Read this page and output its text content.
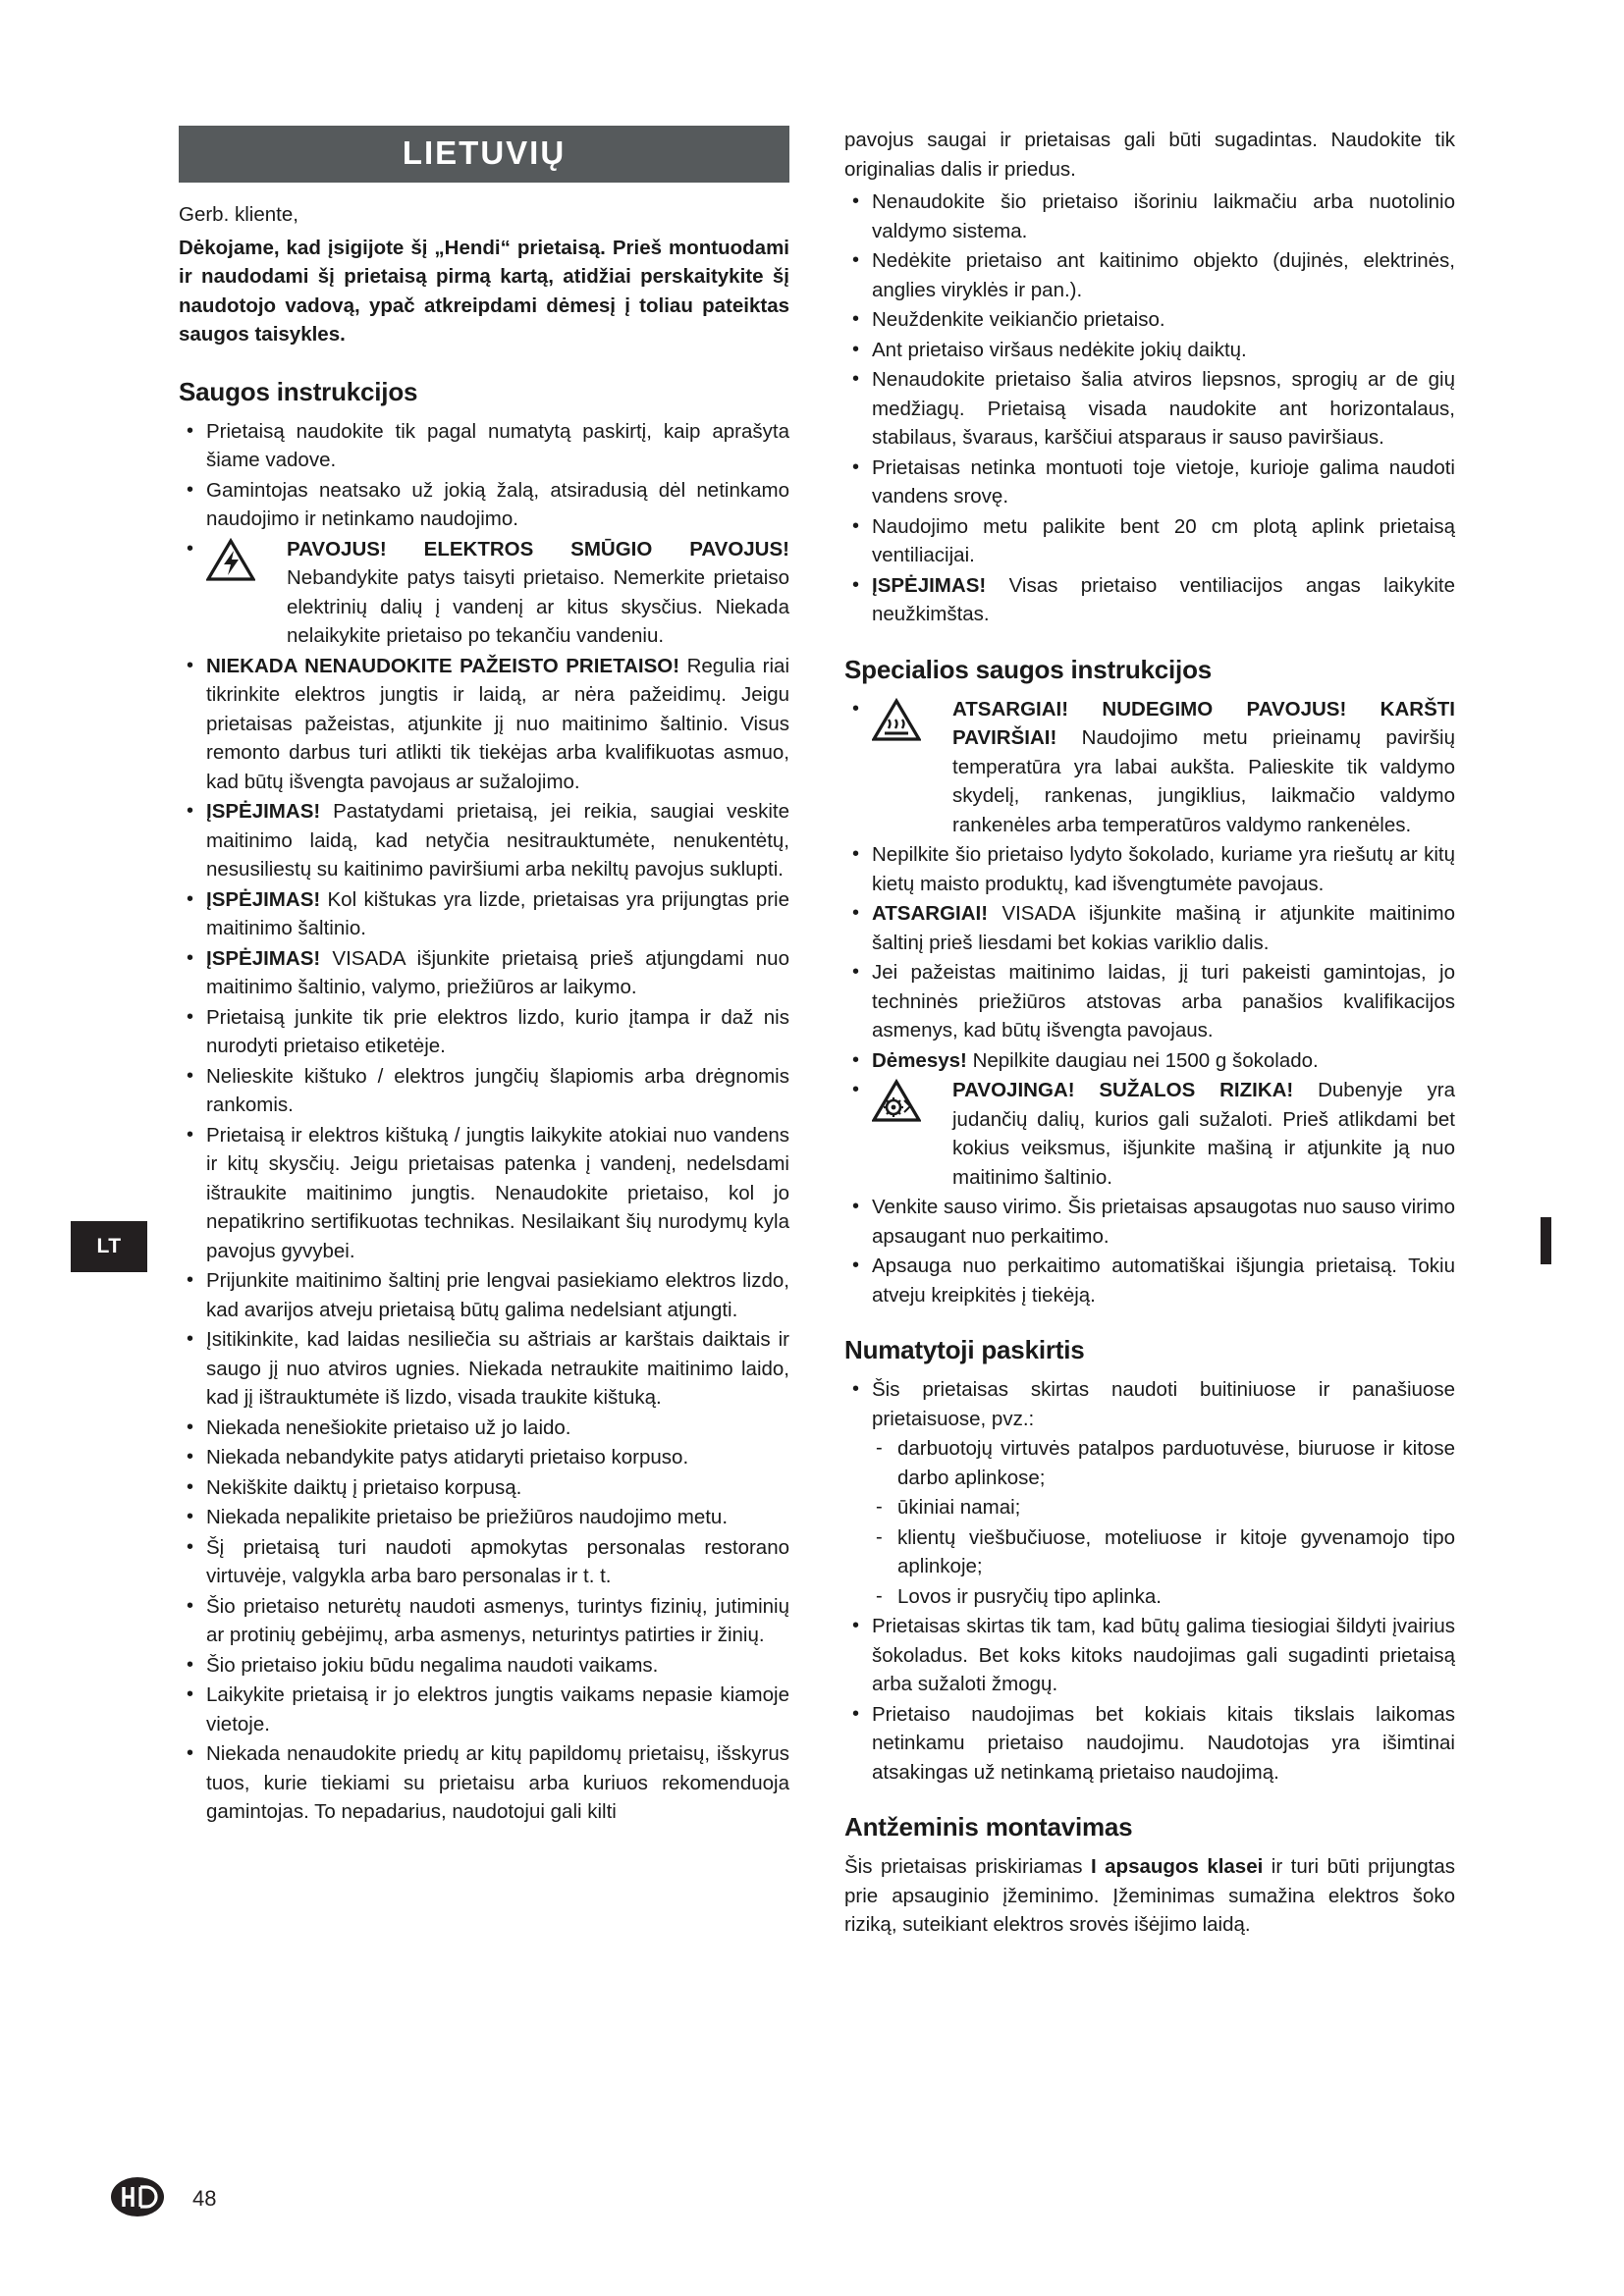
LT
LIETUVIŲ

Gerb. kliente,

Dėkojame, kad įsigijote šį „Hendi“ prietaisą. Prieš montuodami ir naudodami šį prietaisą pirmą kartą, atidžiai perskaitykite šį naudotojo vadovą, ypač atkreipdami dėmesį į toliau pateiktas saugos taisykles.

Saugos instrukcijos
• Prietaisą naudokite tik pagal numatytą paskirtį, kaip aprašyta šiame vadove.
• Gamintojas neatsako už jokią žalą, atsiradusią dėl netinkamo naudojimo ir netinkamo naudojimo.
•	PAVOJUS! ELEKTROS SMŪGIO PAVOJUS! Nebandykite patys taisyti prietaiso. Nemerkite prietaiso elektrinių dalių į vandenį ar kitus skysčius. Niekada nelaikykite prietaiso po tekančiu vandeniu.
• NIEKADA NENAUDOKITE PAŽEISTO PRIETAISO! Regulia riai tikrinkite elektros jungtis ir laidą, ar nėra pažeidimų. Jeigu prietaisas pažeistas, atjunkite jį nuo maitinimo šaltinio. Visus remonto darbus turi atlikti tik tiekėjas arba kvalifikuotas asmuo, kad būtų išvengta pavojaus ar sužalojimo.
• ĮSPĖJIMAS! Pastatydami prietaisą, jei reikia, saugiai veskite maitinimo laidą, kad netyčia nesitrauktumėte, nenukentėtų, nesusiliestų su kaitinimo paviršiumi arba nekiltų pavojus suklupti.
• ĮSPĖJIMAS! Kol kištukas yra lizde, prietaisas yra prijungtas prie maitinimo šaltinio.
• ĮSPĖJIMAS! VISADA išjunkite prietaisą prieš atjungdami nuo maitinimo šaltinio, valymo, priežiūros ar laikymo.
• Prietaisą junkite tik prie elektros lizdo, kurio įtampa ir daž nis nurodyti prietaiso etiketėje.
• Nelieskite kištuko / elektros jungčių šlapiomis arba drėgnomis rankomis.
• Prietaisą ir elektros kištuką / jungtis laikykite atokiai nuo vandens ir kitų skysčių. Jeigu prietaisas patenka į vandenį, nedelsdami ištraukite maitinimo jungtis. Nenaudokite prietaiso, kol jo nepatikrino sertifikuotas technikas. Nesilaikant šių nurodymų kyla pavojus gyvybei.
• Prijunkite maitinimo šaltinį prie lengvai pasiekiamo elektros lizdo, kad avarijos atveju prietaisą būtų galima nedelsiant atjungti.
• Įsitikinkite, kad laidas nesiliečia su aštriais ar karštais daiktais ir saugo jį nuo atviros ugnies. Niekada netraukite maitinimo laido, kad jį ištrauktumėte iš lizdo, visada traukite kištuką.
• Niekada nenešiokite prietaiso už jo laido.
• Niekada nebandykite patys atidaryti prietaiso korpuso.
• Nekiškite daiktų į prietaiso korpusą.
• Niekada nepalikite prietaiso be priežiūros naudojimo metu.
• Šį prietaisą turi naudoti apmokytas personalas restorano virtuvėje, valgykla arba baro personalas ir t. t.
• Šio prietaiso neturėtų naudoti asmenys, turintys fizinių, jutiminių ar protinių gebėjimų, arba asmenys, neturintys patirties ir žinių.
• Šio prietaiso jokiu būdu negalima naudoti vaikams.
• Laikykite prietaisą ir jo elektros jungtis vaikams nepasie kiamoje vietoje.
• Niekada nenaudokite priedų ar kitų papildomų prietaisų, išskyrus tuos, kurie tiekiami su prietaisu arba kuriuos rekomenduoja gamintojas. To nepadarius, naudotojui gali kilti

pavojus saugai ir prietaisas gali būti sugadintas. Naudokite tik originalias dalis ir priedus.

• Nenaudokite šio prietaiso išoriniu laikmačiu arba nuotolinio valdymo sistema.
• Nedėkite prietaiso ant kaitinimo objekto (dujinės, elektrinės, anglies viryklės ir pan.).
• Neuždenkite veikiančio prietaiso.
• Ant prietaiso viršaus nedėkite jokių daiktų.
• Nenaudokite prietaiso šalia atviros liepsnos, sprogių ar de gių medžiagų. Prietaisą visada naudokite ant horizontalaus, stabilaus, švaraus, karščiui atsparaus ir sauso paviršiaus.
• Prietaisas netinka montuoti toje vietoje, kurioje galima naudoti vandens srovę.
• Naudojimo metu palikite bent 20 cm plotą aplink prietaisą ventiliacijai.
• ĮSPĖJIMAS! Visas prietaiso ventiliacijos angas laikykite neužkimštas.
Specialios saugos instrukcijos
•	ATSARGIAI! NUDEGIMO PAVOJUS! KARŠTI PAVIRŠIAI! Naudojimo metu prieinamų paviršių temperatūra yra labai aukšta. Palieskite tik valdymo skydelį, rankenas, jungiklius, laikmačio valdymo rankenėles arba temperatūros valdymo rankenėles.
• Nepilkite šio prietaiso lydyto šokolado, kuriame yra riešutų ar kitų kietų maisto produktų, kad išvengtumėte pavojaus.
• ATSARGIAI! VISADA išjunkite mašiną ir atjunkite maitinimo šaltinį prieš liesdami bet kokias variklio dalis.
• Jei pažeistas maitinimo laidas, jį turi pakeisti gamintojas, jo techninės priežiūros atstovas arba panašios kvalifikacijos asmenys, kad būtų išvengta pavojaus.
• Dėmesys! Nepilkite daugiau nei 1500 g šokolado.
•	PAVOJINGA! SUŽALOS RIZIKA! Dubenyje yra judančių dalių, kurios gali sužaloti. Prieš atlikdami bet kokius veiksmus, išjunkite mašiną ir atjunkite ją nuo maitinimo šaltinio.
• Venkite sauso virimo. Šis prietaisas apsaugotas nuo sauso virimo apsaugant nuo perkaitimo.
• Apsauga nuo perkaitimo automatiškai išjungia prietaisą. Tokiu atveju kreipkitės į tiekėją.
Numatytoji paskirtis
• Šis prietaisas skirtas naudoti buitiniuose ir panašiuose prietaisuose, pvz.:
- darbuotojų virtuvės patalpos parduotuvėse, biuruose ir kitose darbo aplinkose;
- ūkiniai namai;
- klientų viešbučiuose, moteliuose ir kitoje gyvenamojo tipo aplinkoje;
- Lovos ir pusryčių tipo aplinka.
• Prietaisas skirtas tik tam, kad būtų galima tiesiogiai šildyti įvairius šokoladus. Bet koks kitoks naudojimas gali sugadinti prietaisą arba sužaloti žmogų.
• Prietaiso naudojimas bet kokiais kitais tikslais laikomas netinkamu prietaiso naudojimu. Naudotojas yra išimtinai atsakingas už netinkamą prietaiso naudojimą.
Antžeminis montavimas

Šis prietaisas priskiriamas I apsaugos klasei ir turi būti prijungtas prie apsauginio įžeminimo. Įžeminimas sumažina elektros šoko riziką, suteikiant elektros srovės išėjimo laidą.

48
